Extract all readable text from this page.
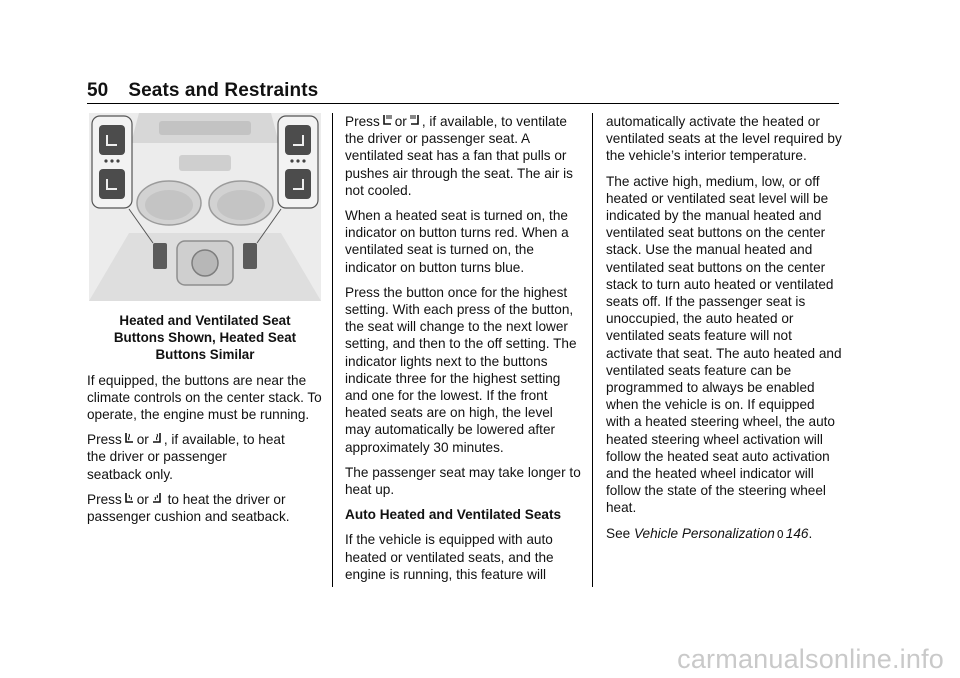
50 Seats and Restraints
Heated and Ventilated Seat
Buttons Shown, Heated Seat
Buttons Similar

If equipped, the buttons are near the climate controls on the center stack. To operate, the engine must be running.

Press or , if available, to heat
the driver or passenger
seatback only.

Press or to heat the driver or passenger cushion and seatback.

Press or , if available, to ventilate the driver or passenger seat. A ventilated seat has a fan that pulls or pushes air through the seat. The air is not cooled.

When a heated seat is turned on, the indicator on button turns red. When a ventilated seat is turned on, the indicator on button turns blue.

Press the button once for the highest setting. With each press of the button, the seat will change to the next lower setting, and then to the off setting. The indicator lights next to the buttons indicate three for the highest setting and one for the lowest. If the front heated seats are on high, the level may automatically be lowered after approximately 30 minutes.

The passenger seat may take longer to heat up.

Auto Heated and Ventilated Seats

If the vehicle is equipped with auto heated or ventilated seats, and the engine is running, this feature will

automatically activate the heated or ventilated seats at the level required by the vehicle’s interior temperature.

The active high, medium, low, or off heated or ventilated seat level will be indicated by the manual heated and ventilated seat buttons on the center stack. Use the manual heated and ventilated seat buttons on the center stack to turn auto heated or ventilated seats off. If the passenger seat is unoccupied, the auto heated or ventilated seats feature will not activate that seat. The auto heated and ventilated seats feature can be programmed to always be enabled when the vehicle is on. If equipped with a heated steering wheel, the auto heated steering wheel activation will follow the heated seat auto activation and the heated wheel indicator will follow the state of the steering wheel heat.

See Vehicle Personalization 0 146.

carmanualsonline.info
